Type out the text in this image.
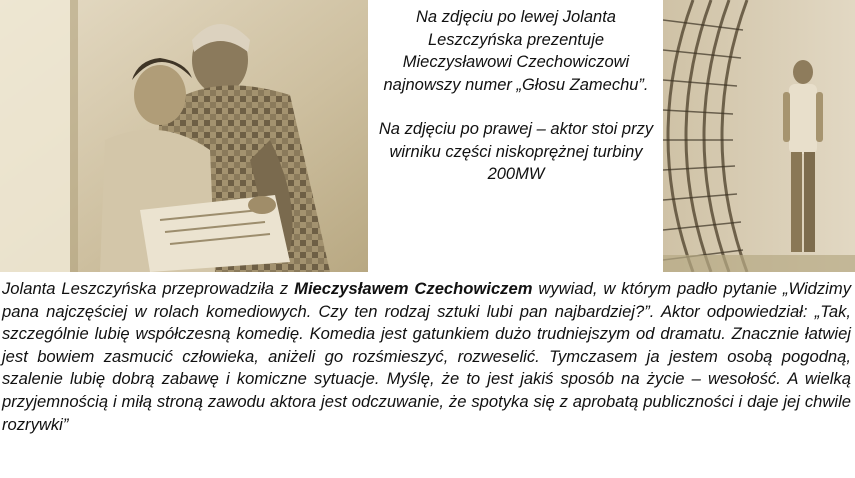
Na zdjęciu po lewej Jolanta Leszczyńska prezentuje Mieczysławowi Czechowiczowi najnowszy numer „Głosu Zamechu”.

Na zdjęciu po prawej – aktor stoi przy wirniku części niskoprężnej turbiny 200MW

Jolanta Leszczyńska przeprowadziła z Mieczysławem Czechowiczem wywiad, w którym padło pytanie „Widzimy pana najczęściej w rolach komediowych. Czy ten rodzaj sztuki lubi pan najbardziej?”. Aktor odpowiedział: „Tak, szczególnie lubię współczesną komedię. Komedia jest gatunkiem dużo trudniejszym od dramatu. Znacznie łatwiej jest bowiem zasmucić człowieka, aniżeli go rozśmieszyć, rozweselić. Tymczasem ja jestem osobą pogodną, szalenie lubię dobrą zabawę i komiczne sytuacje. Myślę, że to jest jakiś sposób na życie – wesołość. A wielką przyjemnością i miłą stroną zawodu aktora jest odczuwanie, że spotyka się z aprobatą publiczności i daje jej chwile rozrywki”
